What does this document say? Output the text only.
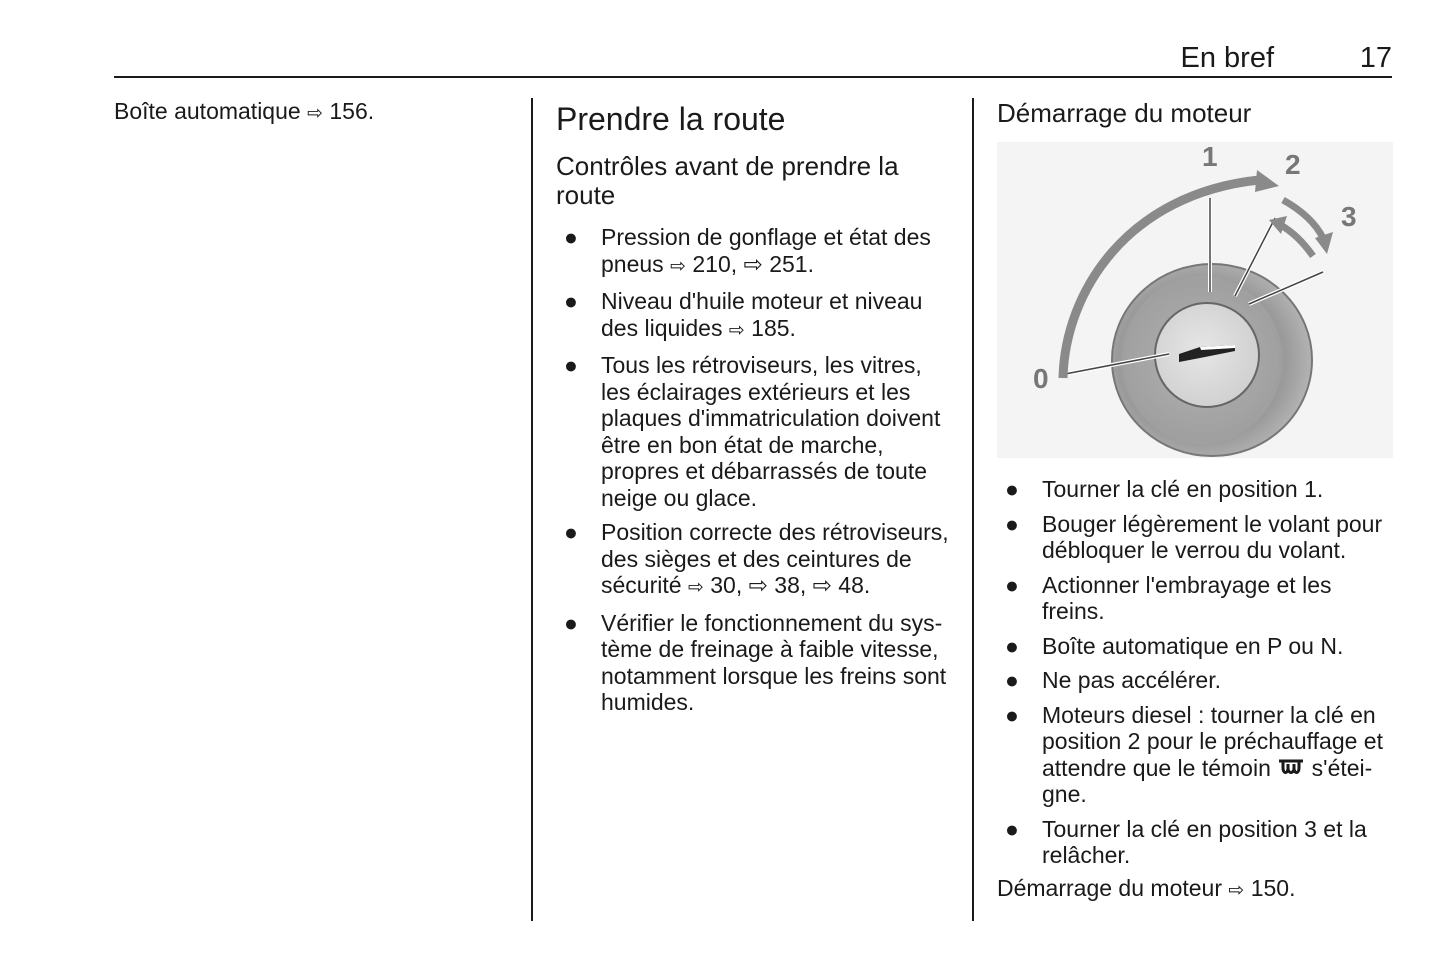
En bref	17

Boîte automatique ⇨ 156.	Prendre la route

Contrôles avant de prendre la route

● Pression de gonflage et état des pneus ⇨ 210, ⇨ 251.
● Niveau d'huile moteur et niveau des liquides ⇨ 185.
● Tous les rétroviseurs, les vitres, les éclairages extérieurs et les plaques d'immatriculation doivent être en bon état de marche, propres et débarrassés de toute neige ou glace.
● Position correcte des rétroviseurs, des sièges et des ceintures de sécurité ⇨ 30, ⇨ 38, ⇨ 48.
● Vérifier le fonctionnement du système de freinage à faible vitesse, notamment lorsque les freins sont humides.

Démarrage du moteur

0
1 2
3
● Tourner la clé en position 1.
● Bouger légèrement le volant pour débloquer le verrou du volant.
● Actionner l'embrayage et les freins.
● Boîte automatique en P ou N.
● Ne pas accélérer.
● Moteurs diesel : tourner la clé en position 2 pour le préchauffage et attendre que le témoin s'éteigne.
● Tourner la clé en position 3 et la relâcher.

Démarrage du moteur ⇨ 150.
